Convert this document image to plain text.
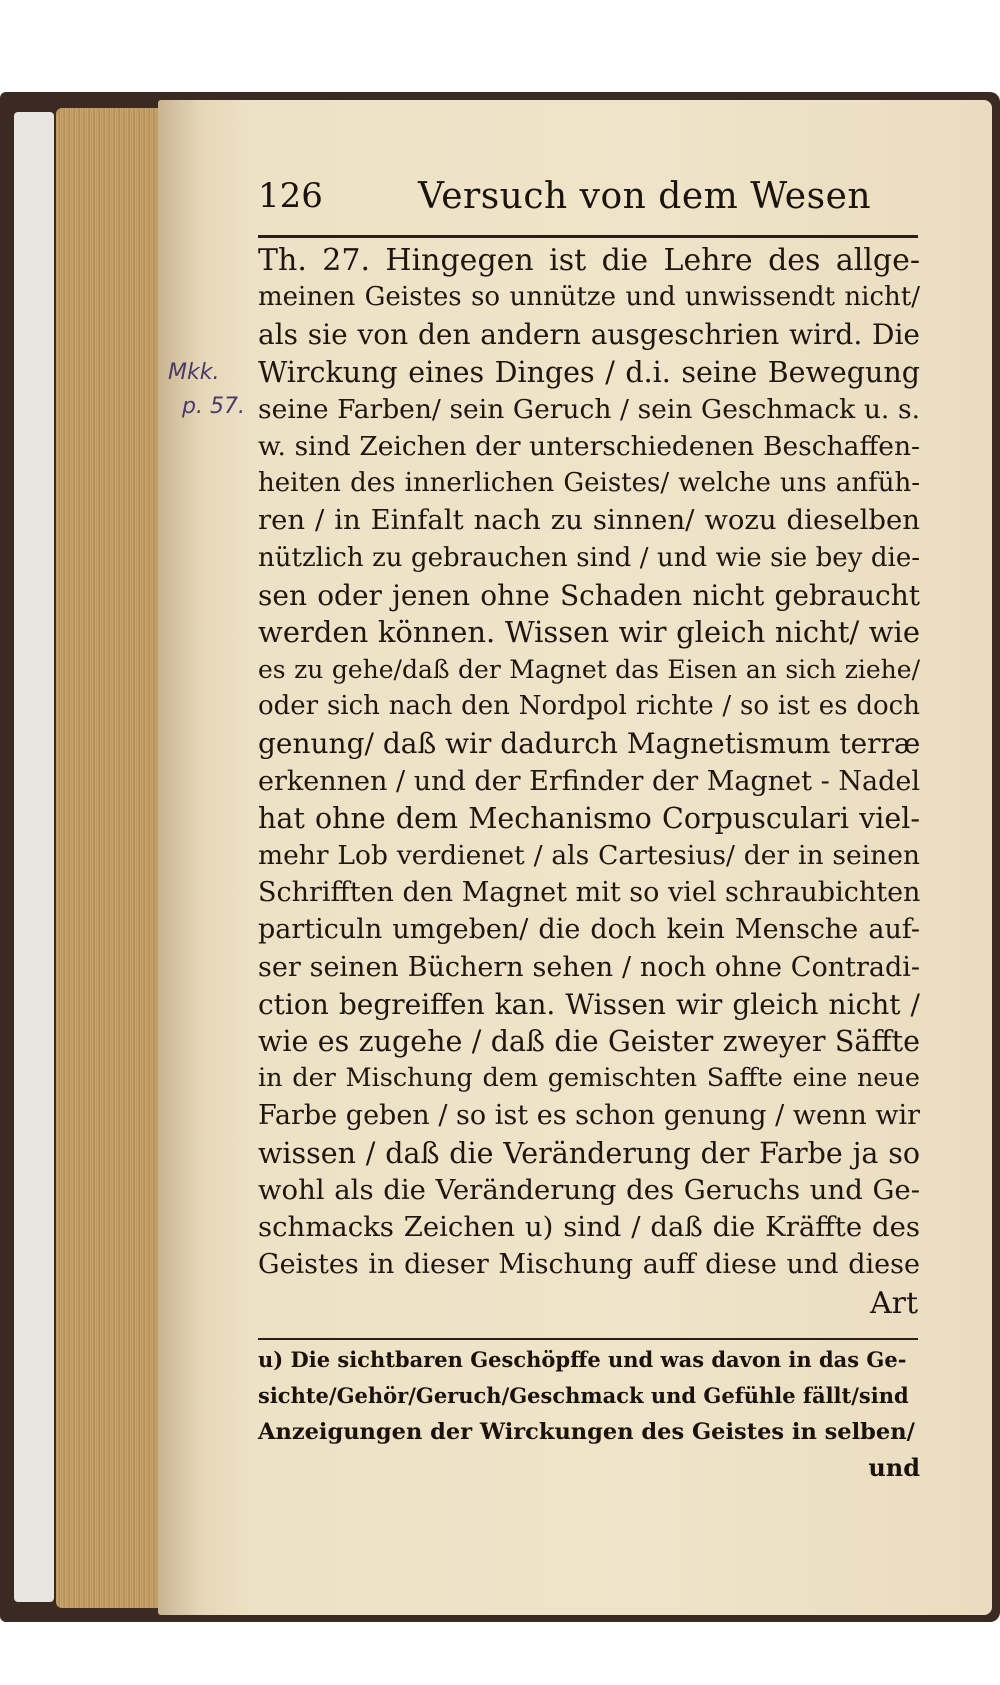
126	Versuch von dem Wesen
Mkk.
p. 57.
Th. 27. Hingegen ist die Lehre des allge-
meinen Geistes so unnütze und unwissendt nicht/
als sie von den andern ausgeschrien wird. Die
Wirckung eines Dinges / d.i. seine Bewegung
seine Farben/ sein Geruch / sein Geschmack u. s.
w. sind Zeichen der unterschiedenen Beschaffen-
heiten des innerlichen Geistes/ welche uns anfüh-
ren / in Einfalt nach zu sinnen/ wozu dieselben
nützlich zu gebrauchen sind / und wie sie bey die-
sen oder jenen ohne Schaden nicht gebraucht
werden können. Wissen wir gleich nicht/ wie
es zu gehe/daß der Magnet das Eisen an sich ziehe/
oder sich nach den Nordpol richte / so ist es doch
genung/ daß wir dadurch Magnetismum terræ
erkennen / und der Erfinder der Magnet - Nadel
hat ohne dem Mechanismo Corpusculari viel-
mehr Lob verdienet / als Cartesius/ der in seinen
Schrifften den Magnet mit so viel schraubichten
particuln umgeben/ die doch kein Mensche auf-
ser seinen Büchern sehen / noch ohne Contradi-
ction begreiffen kan. Wissen wir gleich nicht /
wie es zugehe / daß die Geister zweyer Säffte
in der Mischung dem gemischten Saffte eine neue
Farbe geben / so ist es schon genung / wenn wir
wissen / daß die Veränderung der Farbe ja so
wohl als die Veränderung des Geruchs und Ge-
schmacks Zeichen u) sind / daß die Kräffte des
Geistes in dieser Mischung auff diese und diese
Art
u) Die sichtbaren Geschöpffe und was davon in das Ge-
sichte/Gehör/Geruch/Geschmack und Gefühle fällt/sind
Anzeigungen der Wirckungen des Geistes in selben/
und
